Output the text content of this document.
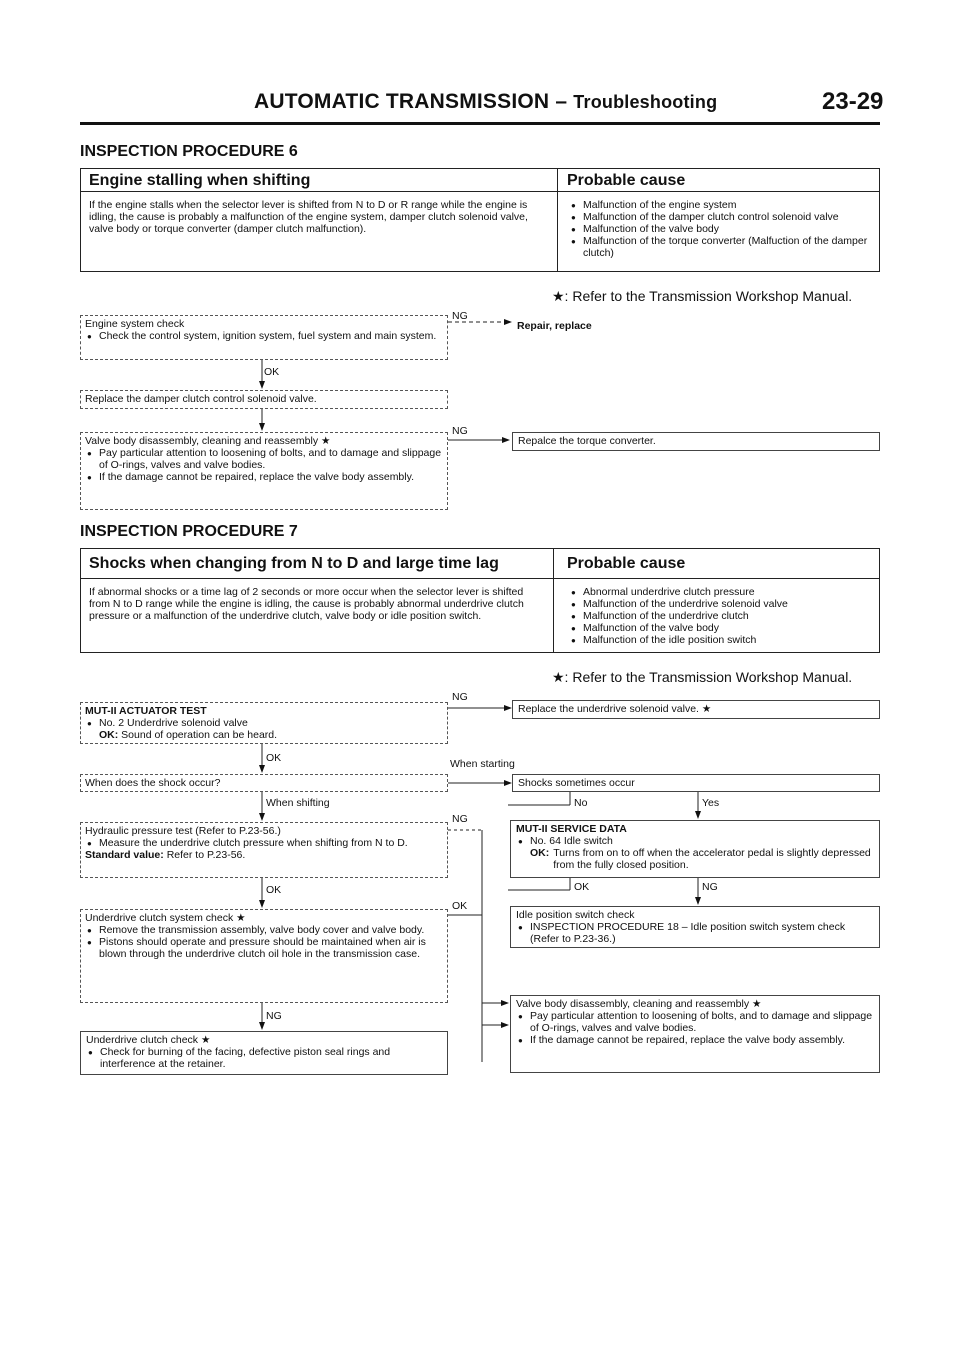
AUTOMATIC TRANSMISSION – Troubleshooting	23-29
INSPECTION PROCEDURE 6
Engine stalling when shifting	Probable cause
If the engine stalls when the selector lever is shifted from N to D or R range while the engine is idling, the cause is probably a malfunction of the engine system, damper clutch solenoid valve, valve body or torque converter (damper clutch malfunction).
● Malfunction of the engine system
● Malfunction of the damper clutch control solenoid valve
● Malfunction of the valve body
● Malfunction of the torque converter (Malfuction of the damper clutch)
★: Refer to the Transmission Workshop Manual.
Engine system check
● Check the control system, ignition system, fuel system and main system.
NG
Repair, replace
OK
Replace the damper clutch control solenoid valve.
Valve body disassembly, cleaning and reassembly ★
● Pay particular attention to loosening of bolts, and to damage and slippage of O-rings, valves and valve bodies.
● If the damage cannot be repaired, replace the valve body assembly.
NG
Repalce the torque converter.
INSPECTION PROCEDURE 7
Shocks when changing from N to D and large time lag	Probable cause
If abnormal shocks or a time lag of 2 seconds or more occur when the selector lever is shifted from N to D range while the engine is idling, the cause is probably abnormal underdrive clutch pressure or a malfunction of the underdrive clutch, valve body or idle position switch.
● Abnormal underdrive clutch pressure
● Malfunction of the underdrive solenoid valve
● Malfunction of the underdrive clutch
● Malfunction of the valve body
● Malfunction of the idle position switch
★: Refer to the Transmission Workshop Manual.
MUT-II ACTUATOR TEST
● No. 2 Underdrive solenoid valve
OK: Sound of operation can be heard.
NG
Replace the underdrive solenoid valve. ★
OK	When starting
When does the shock occur?	Shocks sometimes occur
When shifting	No	Yes
Hydraulic pressure test (Refer to P.23-56.)
● Measure the underdrive clutch pressure when shifting from N to D.
Standard value: Refer to P.23-56.
NG
MUT-II SERVICE DATA
● No. 64 Idle switch
OK: Turns from on to off when the accelerator pedal is slightly depressed from the fully closed position.
OK	OK	NG
Underdrive clutch system check ★
● Remove the transmission assembly, valve body cover and valve body.
● Pistons should operate and pressure should be maintained when air is blown through the underdrive clutch oil hole in the transmission case.
OK
Idle position switch check
● INSPECTION PROCEDURE 18 – Idle position switch system check (Refer to P.23-36.)
NG
Valve body disassembly, cleaning and reassembly ★
● Pay particular attention to loosening of bolts, and to damage and slippage of O-rings, valves and valve bodies.
● If the damage cannot be repaired, replace the valve body assembly.
Underdrive clutch check ★
● Check for burning of the facing, defective piston seal rings and interference at the retainer.
